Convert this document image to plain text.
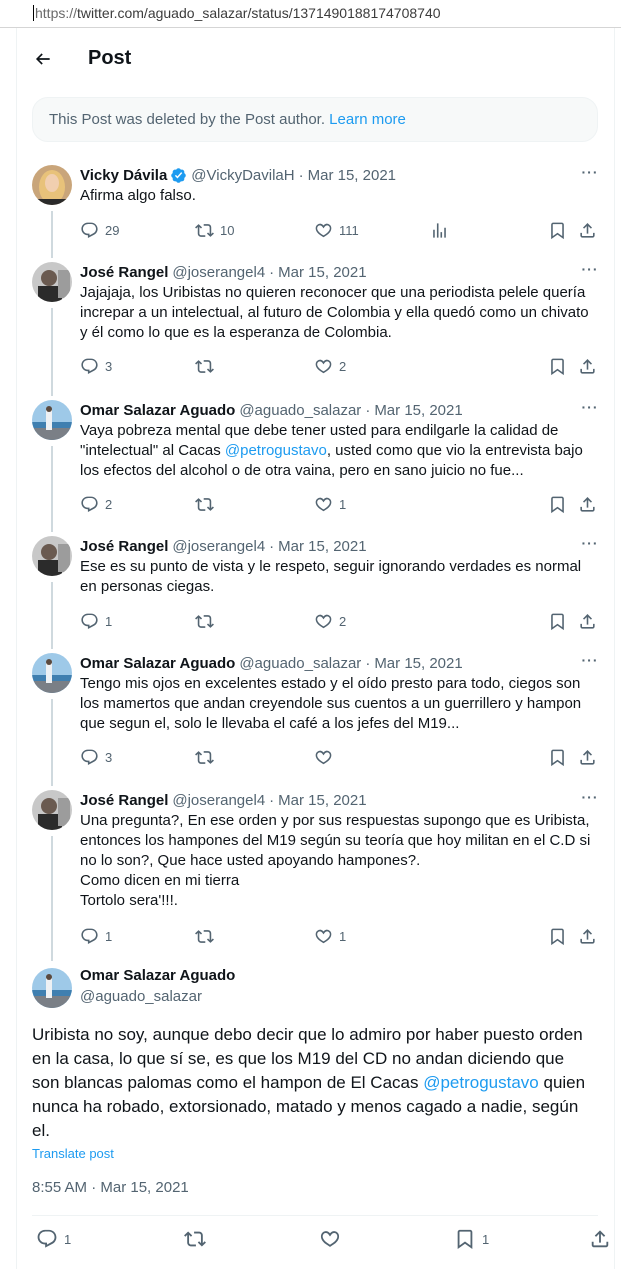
https://twitter.com/aguado_salazar/status/1371490188174708740
Post
This Post was deleted by the Post author. Learn more
Vicky Dávila @VickyDavilaH · Mar 15, 2021	···
Afirma algo falso.
29	10	111
José Rangel @joserangel4 · Mar 15, 2021	···
Jajajaja, los Uribistas no quieren reconocer que una periodista pelele quería increpar a un intelectual, al futuro de Colombia y ella quedó como un chivato y él como lo que es la esperanza de Colombia.
3	2
Omar Salazar Aguado @aguado_salazar · Mar 15, 2021	···
Vaya pobreza mental que debe tener usted para endilgarle la calidad de "intelectual" al Cacas @petrogustavo, usted como que vio la entrevista bajo los efectos del alcohol o de otra vaina, pero en sano juicio no fue...
2	1
José Rangel @joserangel4 · Mar 15, 2021	···
Ese es su punto de vista y le respeto, seguir ignorando verdades es normal en personas ciegas.
1	2
Omar Salazar Aguado @aguado_salazar · Mar 15, 2021	···
Tengo mis ojos en excelentes estado y el oído presto para todo, ciegos son los mamertos que andan creyendole sus cuentos a un guerrillero y hampon que segun el, solo le llevaba el café a los jefes del M19...
3
José Rangel @joserangel4 · Mar 15, 2021	···
Una pregunta?, En ese orden y por sus respuestas supongo que es Uribista, entonces los hampones del M19 según su teoría que hoy militan en el C.D si no lo son?, Que hace usted apoyando hampones?.
Como dicen en mi tierra
Tortolo sera'!!!.
1	1
Omar Salazar Aguado
@aguado_salazar
Uribista no soy, aunque debo decir que lo admiro por haber puesto orden en la casa, lo que sí se, es que los M19 del CD no andan diciendo que son blancas palomas como el hampon de El Cacas @petrogustavo quien nunca ha robado, extorsionado, matado y menos cagado a nadie, según el.
Translate post
8:55 AM · Mar 15, 2021
1	1
